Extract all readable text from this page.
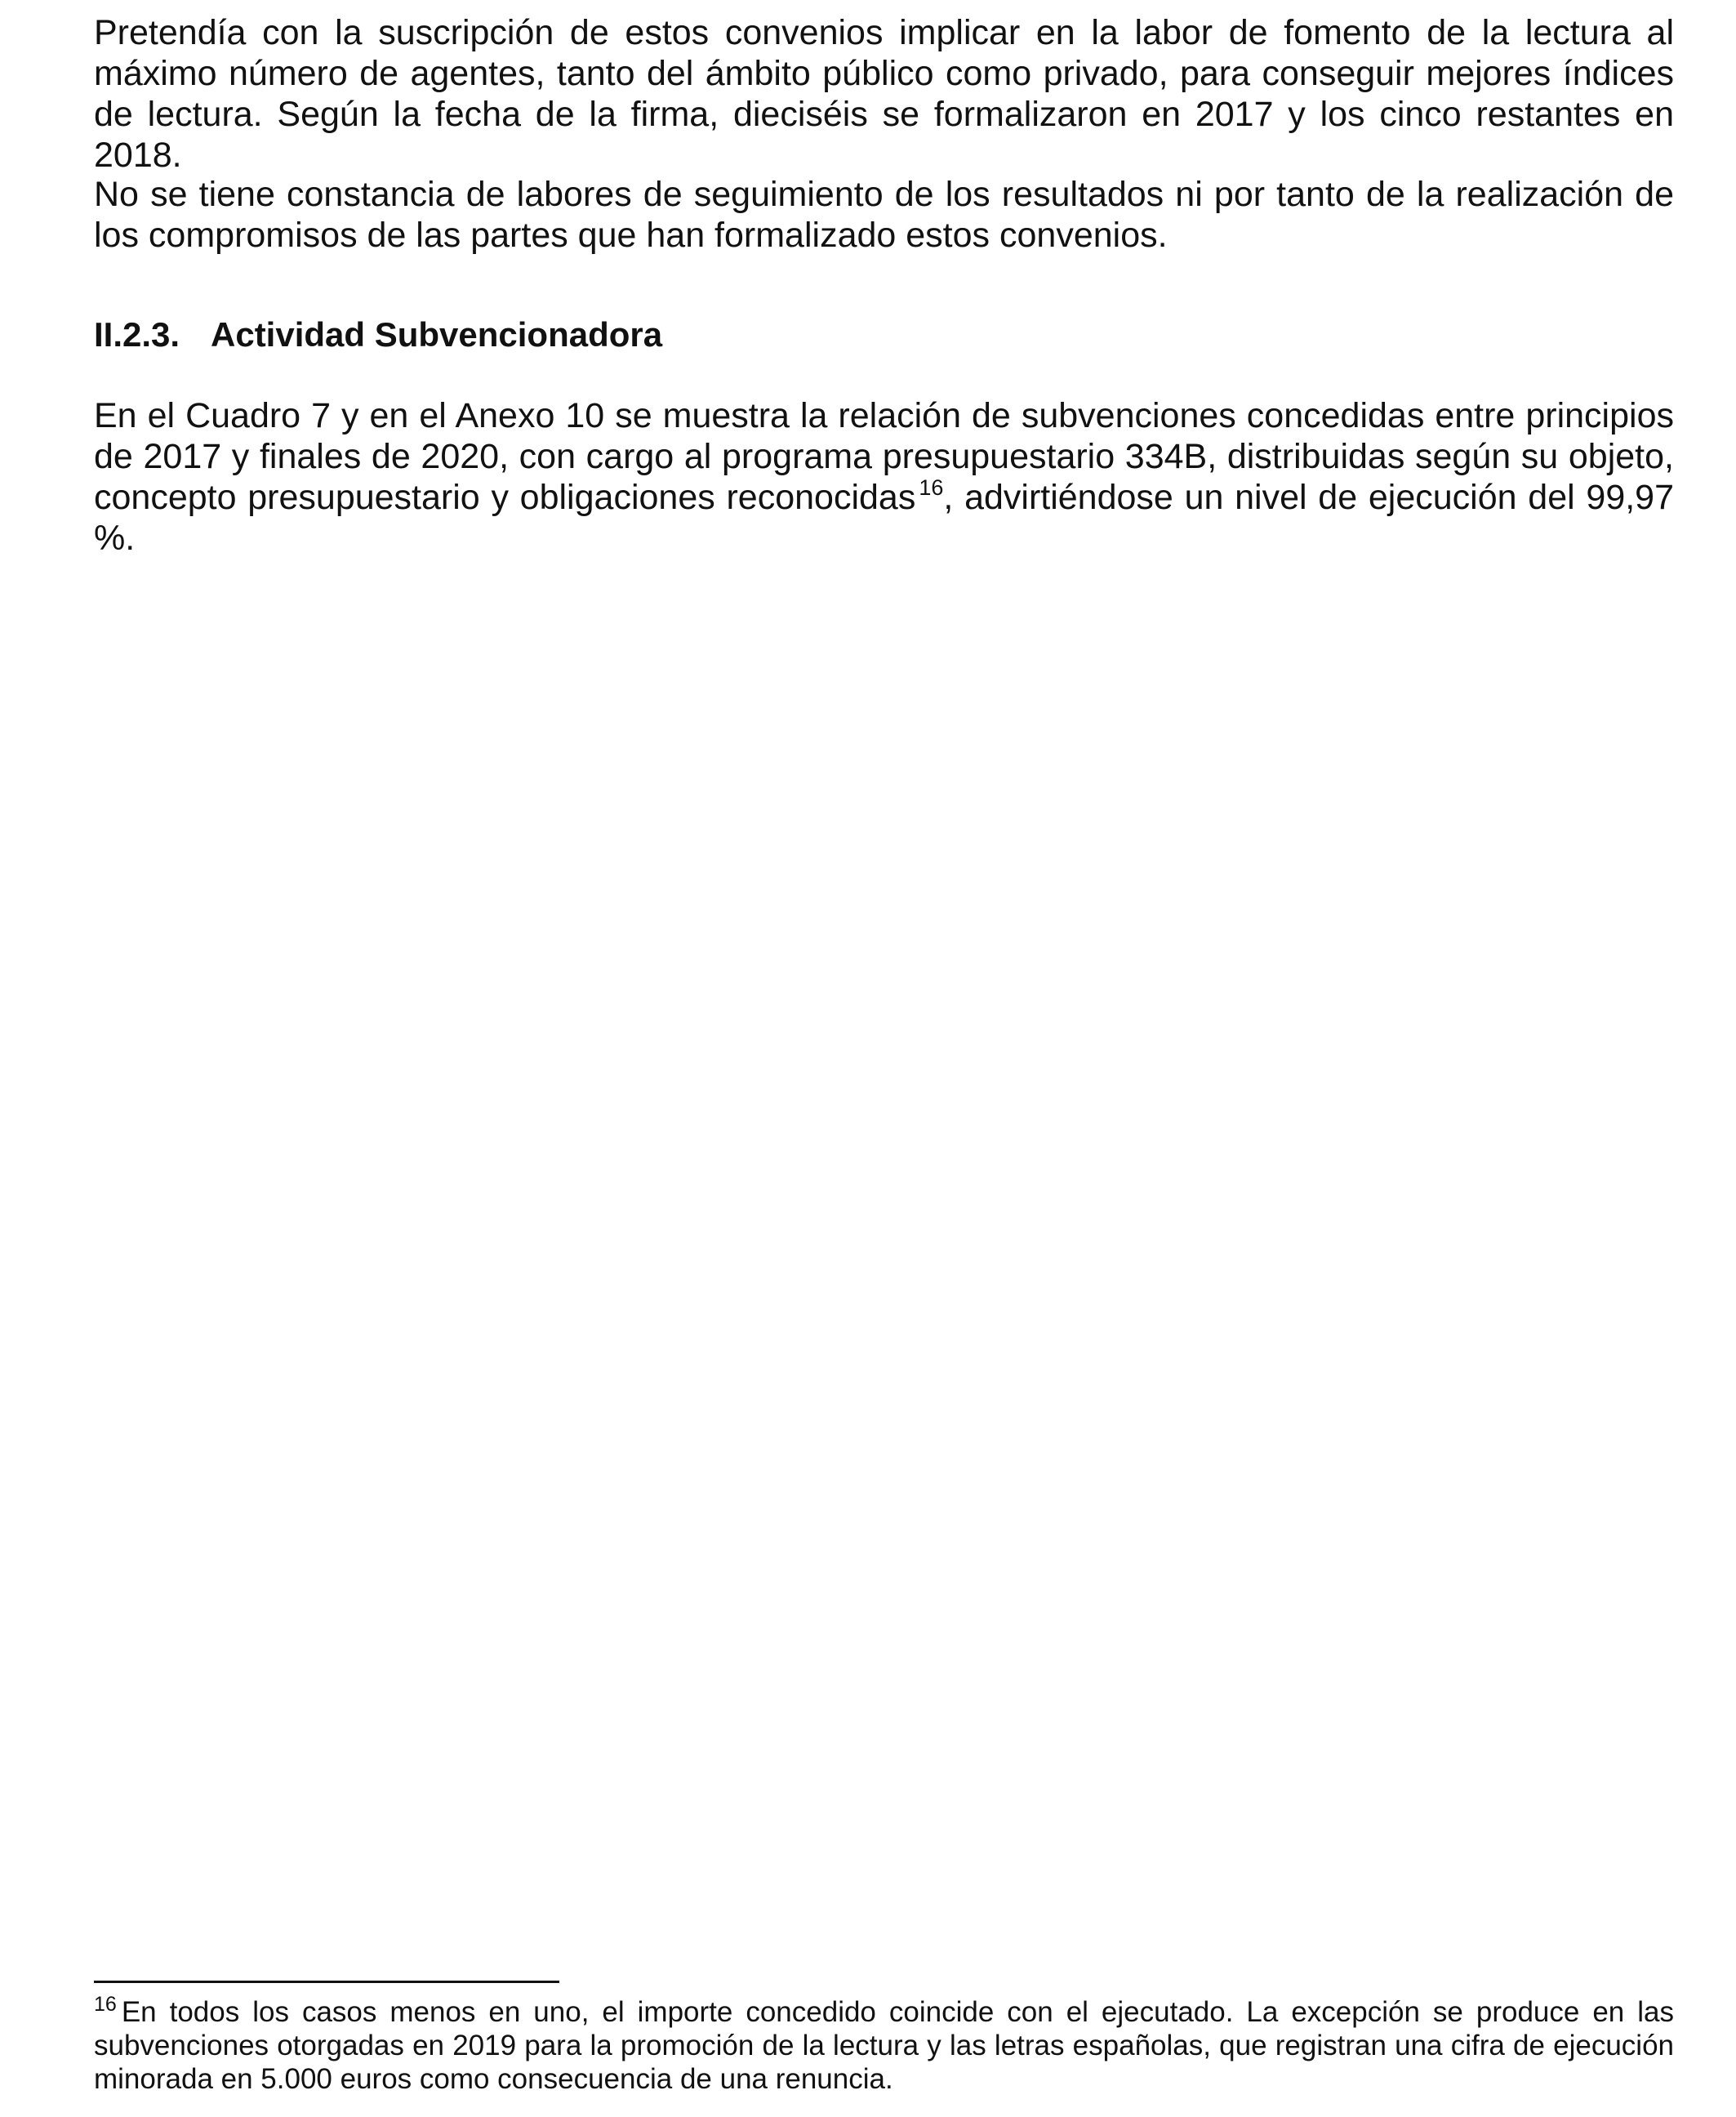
Pretendía con la suscripción de estos convenios implicar en la labor de fomento de la lectura al máximo número de agentes, tanto del ámbito público como privado, para conseguir mejores índices de lectura. Según la fecha de la firma, dieciséis se formalizaron en 2017 y los cinco restantes en 2018.

No se tiene constancia de labores de seguimiento de los resultados ni por tanto de la realización de los compromisos de las partes que han formalizado estos convenios.

II.2.3. Actividad Subvencionadora

En el Cuadro 7 y en el Anexo 10 se muestra la relación de subvenciones concedidas entre principios de 2017 y finales de 2020, con cargo al programa presupuestario 334B, distribuidas según su objeto, concepto presupuestario y obligaciones reconocidas $^{16}$, advirtiéndose un nivel de ejecución del 99,97 %.

$^{16}$ En todos los casos menos en uno, el importe concedido coincide con el ejecutado. La excepción se produce en las subvenciones otorgadas en 2019 para la promoción de la lectura y las letras españolas, que registran una cifra de ejecución minorada en 5.000 euros como consecuencia de una renuncia.
